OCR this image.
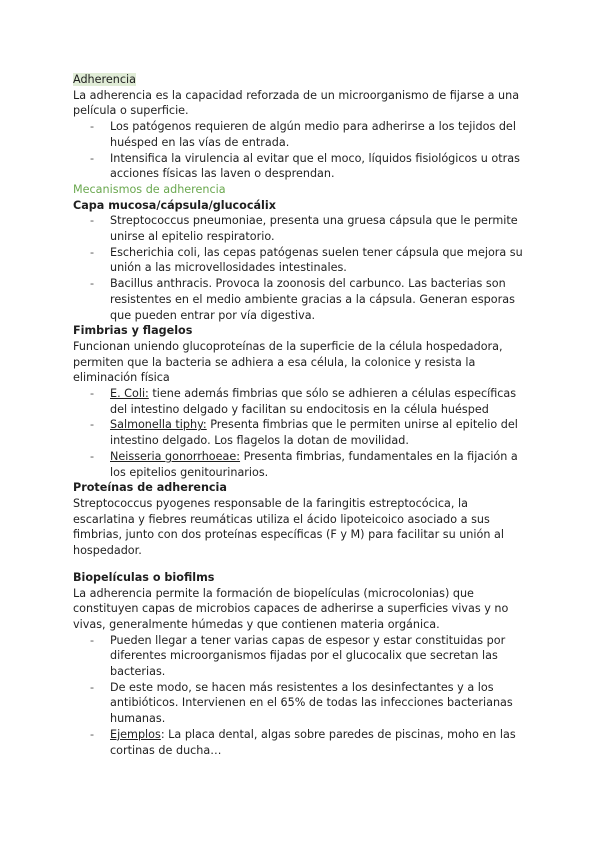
Adherencia

La adherencia es la capacidad reforzada de un microorganismo de fijarse a una película o superficie.

- Los patógenos requieren de algún medio para adherirse a los tejidos del huésped en las vías de entrada.
- Intensifica la virulencia al evitar que el moco, líquidos fisiológicos u otras acciones físicas las laven o desprendan.

Mecanismos de adherencia

Capa mucosa/cápsula/glucocálix

- Streptococcus pneumoniae, presenta una gruesa cápsula que le permite unirse al epitelio respiratorio.
- Escherichia coli, las cepas patógenas suelen tener cápsula que mejora su unión a las microvellosidades intestinales.
- Bacillus anthracis. Provoca la zoonosis del carbunco. Las bacterias son resistentes en el medio ambiente gracias a la cápsula. Generan esporas que pueden entrar por vía digestiva.

Fimbrias y flagelos

Funcionan uniendo glucoproteínas de la superficie de la célula hospedadora, permiten que la bacteria se adhiera a esa célula, la colonice y resista la eliminación física

- E. Coli: tiene además fimbrias que sólo se adhieren a células específicas del intestino delgado y facilitan su endocitosis en la célula huésped
- Salmonella tiphy: Presenta fimbrias que le permiten unirse al epitelio del intestino delgado. Los flagelos la dotan de movilidad.
- Neisseria gonorrhoeae: Presenta fimbrias, fundamentales en la fijación a los epitelios genitourinarios.

Proteínas de adherencia

Streptococcus pyogenes responsable de la faringitis estreptocócica, la escarlatina y fiebres reumáticas utiliza el ácido lipoteicoico asociado a sus fimbrias, junto con dos proteínas específicas (F y M) para facilitar su unión al hospedador.

Biopelículas o biofilms

La adherencia permite la formación de biopelículas (microcolonias) que constituyen capas de microbios capaces de adherirse a superficies vivas y no vivas, generalmente húmedas y que contienen materia orgánica.

- Pueden llegar a tener varias capas de espesor y estar constituidas por diferentes microorganismos fijadas por el glucocalix que secretan las bacterias.
- De este modo, se hacen más resistentes a los desinfectantes y a los antibióticos. Intervienen en el 65% de todas las infecciones bacterianas humanas.
- Ejemplos: La placa dental, algas sobre paredes de piscinas, moho en las cortinas de ducha…
